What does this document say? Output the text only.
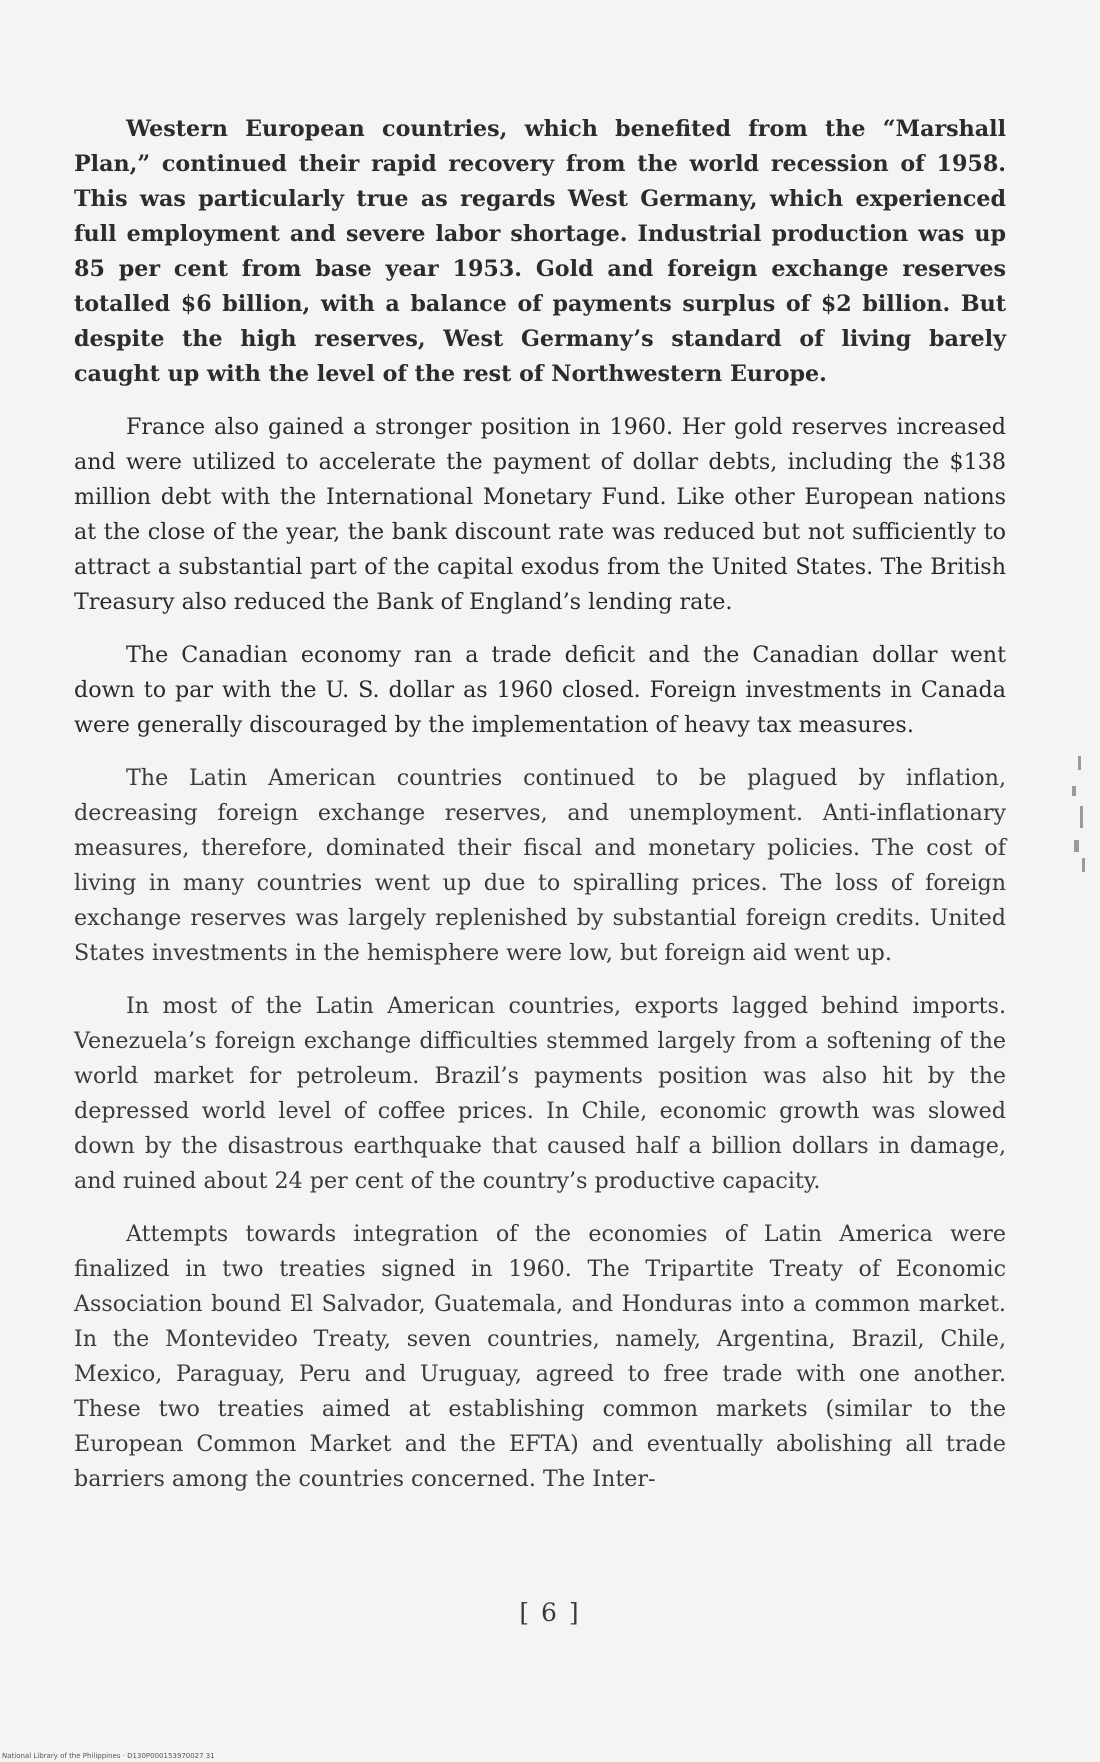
Western European countries, which benefited from the “Marshall Plan,” continued their rapid recovery from the world recession of 1958. This was particularly true as regards West Germany, which experienced full employment and severe labor shortage. Industrial production was up 85 per cent from base year 1953. Gold and foreign exchange reserves totalled $6 billion, with a balance of payments surplus of $2 billion. But despite the high reserves, West Germany’s standard of living barely caught up with the level of the rest of Northwestern Europe.

France also gained a stronger position in 1960. Her gold reserves increased and were utilized to accelerate the payment of dollar debts, including the $138 million debt with the International Monetary Fund. Like other European nations at the close of the year, the bank discount rate was reduced but not sufficiently to attract a substantial part of the capital exodus from the United States. The British Treasury also reduced the Bank of England’s lending rate.

The Canadian economy ran a trade deficit and the Canadian dollar went down to par with the U. S. dollar as 1960 closed. Foreign investments in Canada were generally discouraged by the implementation of heavy tax measures.

The Latin American countries continued to be plagued by inflation, decreasing foreign exchange reserves, and unemployment. Anti-inflationary measures, therefore, dominated their fiscal and monetary policies. The cost of living in many countries went up due to spiralling prices. The loss of foreign exchange reserves was largely replenished by substantial foreign credits. United States investments in the hemisphere were low, but foreign aid went up.

In most of the Latin American countries, exports lagged behind imports. Venezuela’s foreign exchange difficulties stemmed largely from a softening of the world market for petroleum. Brazil’s payments position was also hit by the depressed world level of coffee prices. In Chile, economic growth was slowed down by the disastrous earthquake that caused half a billion dollars in damage, and ruined about 24 per cent of the country’s productive capacity.

Attempts towards integration of the economies of Latin America were finalized in two treaties signed in 1960. The Tripartite Treaty of Economic Association bound El Salvador, Guatemala, and Honduras into a common market. In the Montevideo Treaty, seven countries, namely, Argentina, Brazil, Chile, Mexico, Paraguay, Peru and Uruguay, agreed to free trade with one another. These two treaties aimed at establishing common markets (similar to the European Common Market and the EFTA) and eventually abolishing all trade barriers among the countries concerned. The Inter-

[ 6 ]
National Library of the Philippines · D130P000153970027 31
